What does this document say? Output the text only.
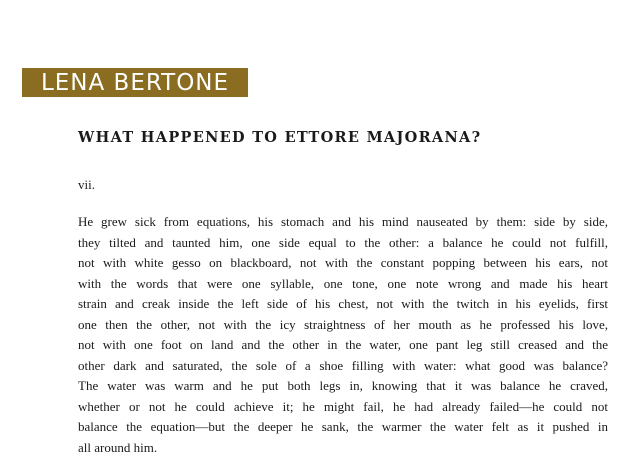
LENA BERTONE
WHAT HAPPENED TO ETTORE MAJORANA?

vii.

He grew sick from equations, his stomach and his mind nauseated by them: side by side,
they tilted and taunted him, one side equal to the other: a balance he could not fulfill,
not with white gesso on blackboard, not with the constant popping between his ears, not
with the words that were one syllable, one tone, one note wrong and made his heart
strain and creak inside the left side of his chest, not with the twitch in his eyelids, first
one then the other, not with the icy straightness of her mouth as he professed his love,
not with one foot on land and the other in the water, one pant leg still creased and the
other dark and saturated, the sole of a shoe filling with water: what good was balance?
The water was warm and he put both legs in, knowing that it was balance he craved,
whether or not he could achieve it; he might fail, he had already failed—he could not
balance the equation—but the deeper he sank, the warmer the water felt as it pushed in
all around him.
